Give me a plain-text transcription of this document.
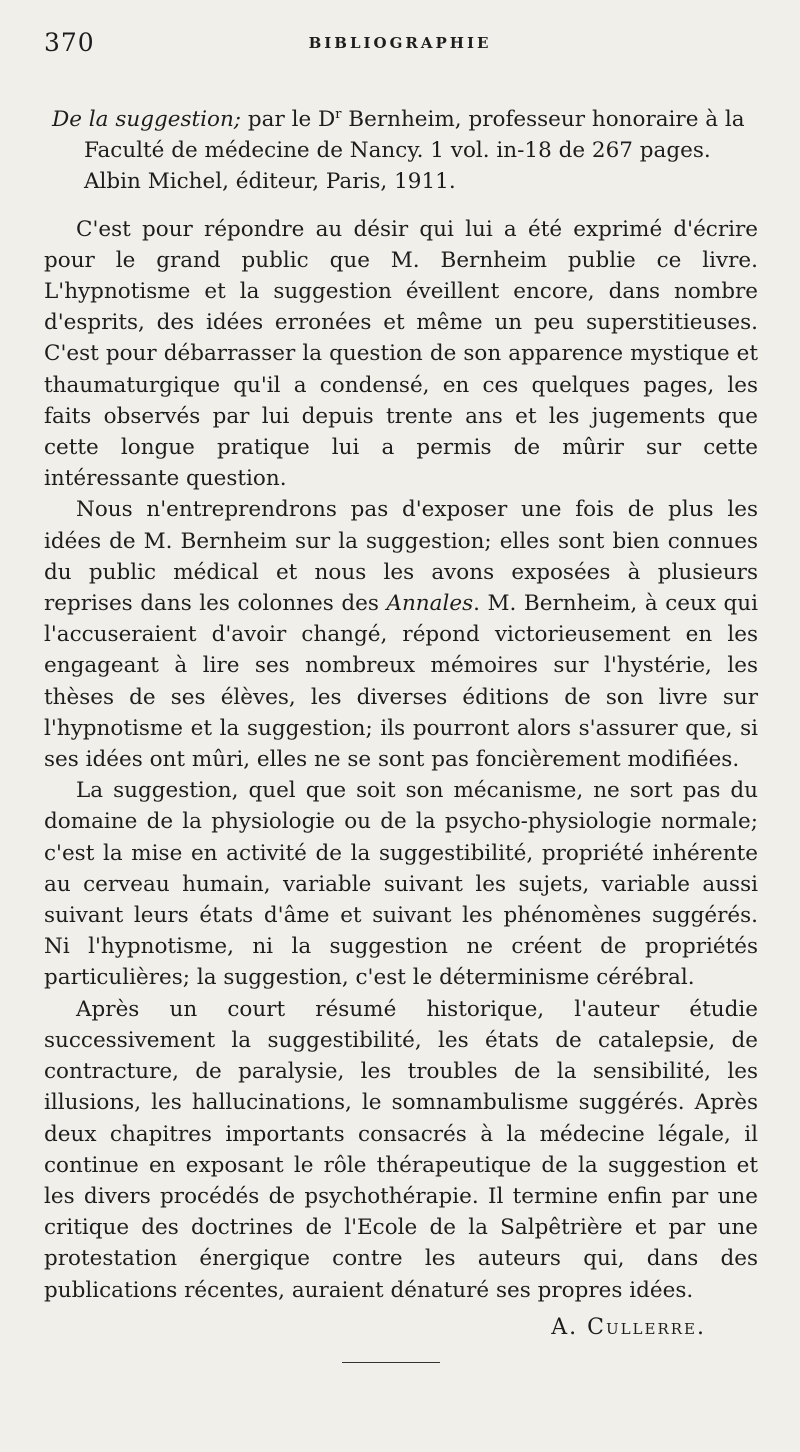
370	BIBLIOGRAPHIE

De la suggestion; par le $D^r$ Bernheim, professeur honoraire à la Faculté de médecine de Nancy. 1 vol. in-18 de 267 pages. Albin Michel, éditeur, Paris, 1911.

C'est pour répondre au désir qui lui a été exprimé d'écrire pour le grand public que M. Bernheim publie ce livre. L'hypnotisme et la suggestion éveillent encore, dans nombre d'esprits, des idées erronées et même un peu superstitieuses. C'est pour débarrasser la question de son apparence mystique et thaumaturgique qu'il a condensé, en ces quelques pages, les faits observés par lui depuis trente ans et les jugements que cette longue pratique lui a permis de mûrir sur cette intéressante question.

Nous n'entreprendrons pas d'exposer une fois de plus les idées de M. Bernheim sur la suggestion; elles sont bien connues du public médical et nous les avons exposées à plusieurs reprises dans les colonnes des Annales. M. Bernheim, à ceux qui l'accuseraient d'avoir changé, répond victorieusement en les engageant à lire ses nombreux mémoires sur l'hystérie, les thèses de ses élèves, les diverses éditions de son livre sur l'hypnotisme et la suggestion; ils pourront alors s'assurer que, si ses idées ont mûri, elles ne se sont pas foncièrement modifiées.

La suggestion, quel que soit son mécanisme, ne sort pas du domaine de la physiologie ou de la psycho-physiologie normale; c'est la mise en activité de la suggestibilité, propriété inhérente au cerveau humain, variable suivant les sujets, variable aussi suivant leurs états d'âme et suivant les phénomènes suggérés. Ni l'hypnotisme, ni la suggestion ne créent de propriétés particulières; la suggestion, c'est le déterminisme cérébral.

Après un court résumé historique, l'auteur étudie successivement la suggestibilité, les états de catalepsie, de contracture, de paralysie, les troubles de la sensibilité, les illusions, les hallucinations, le somnambulisme suggérés. Après deux chapitres importants consacrés à la médecine légale, il continue en exposant le rôle thérapeutique de la suggestion et les divers procédés de psychothérapie. Il termine enfin par une critique des doctrines de l'Ecole de la Salpêtrière et par une protestation énergique contre les auteurs qui, dans des publications récentes, auraient dénaturé ses propres idées.

A. Cullerre.
